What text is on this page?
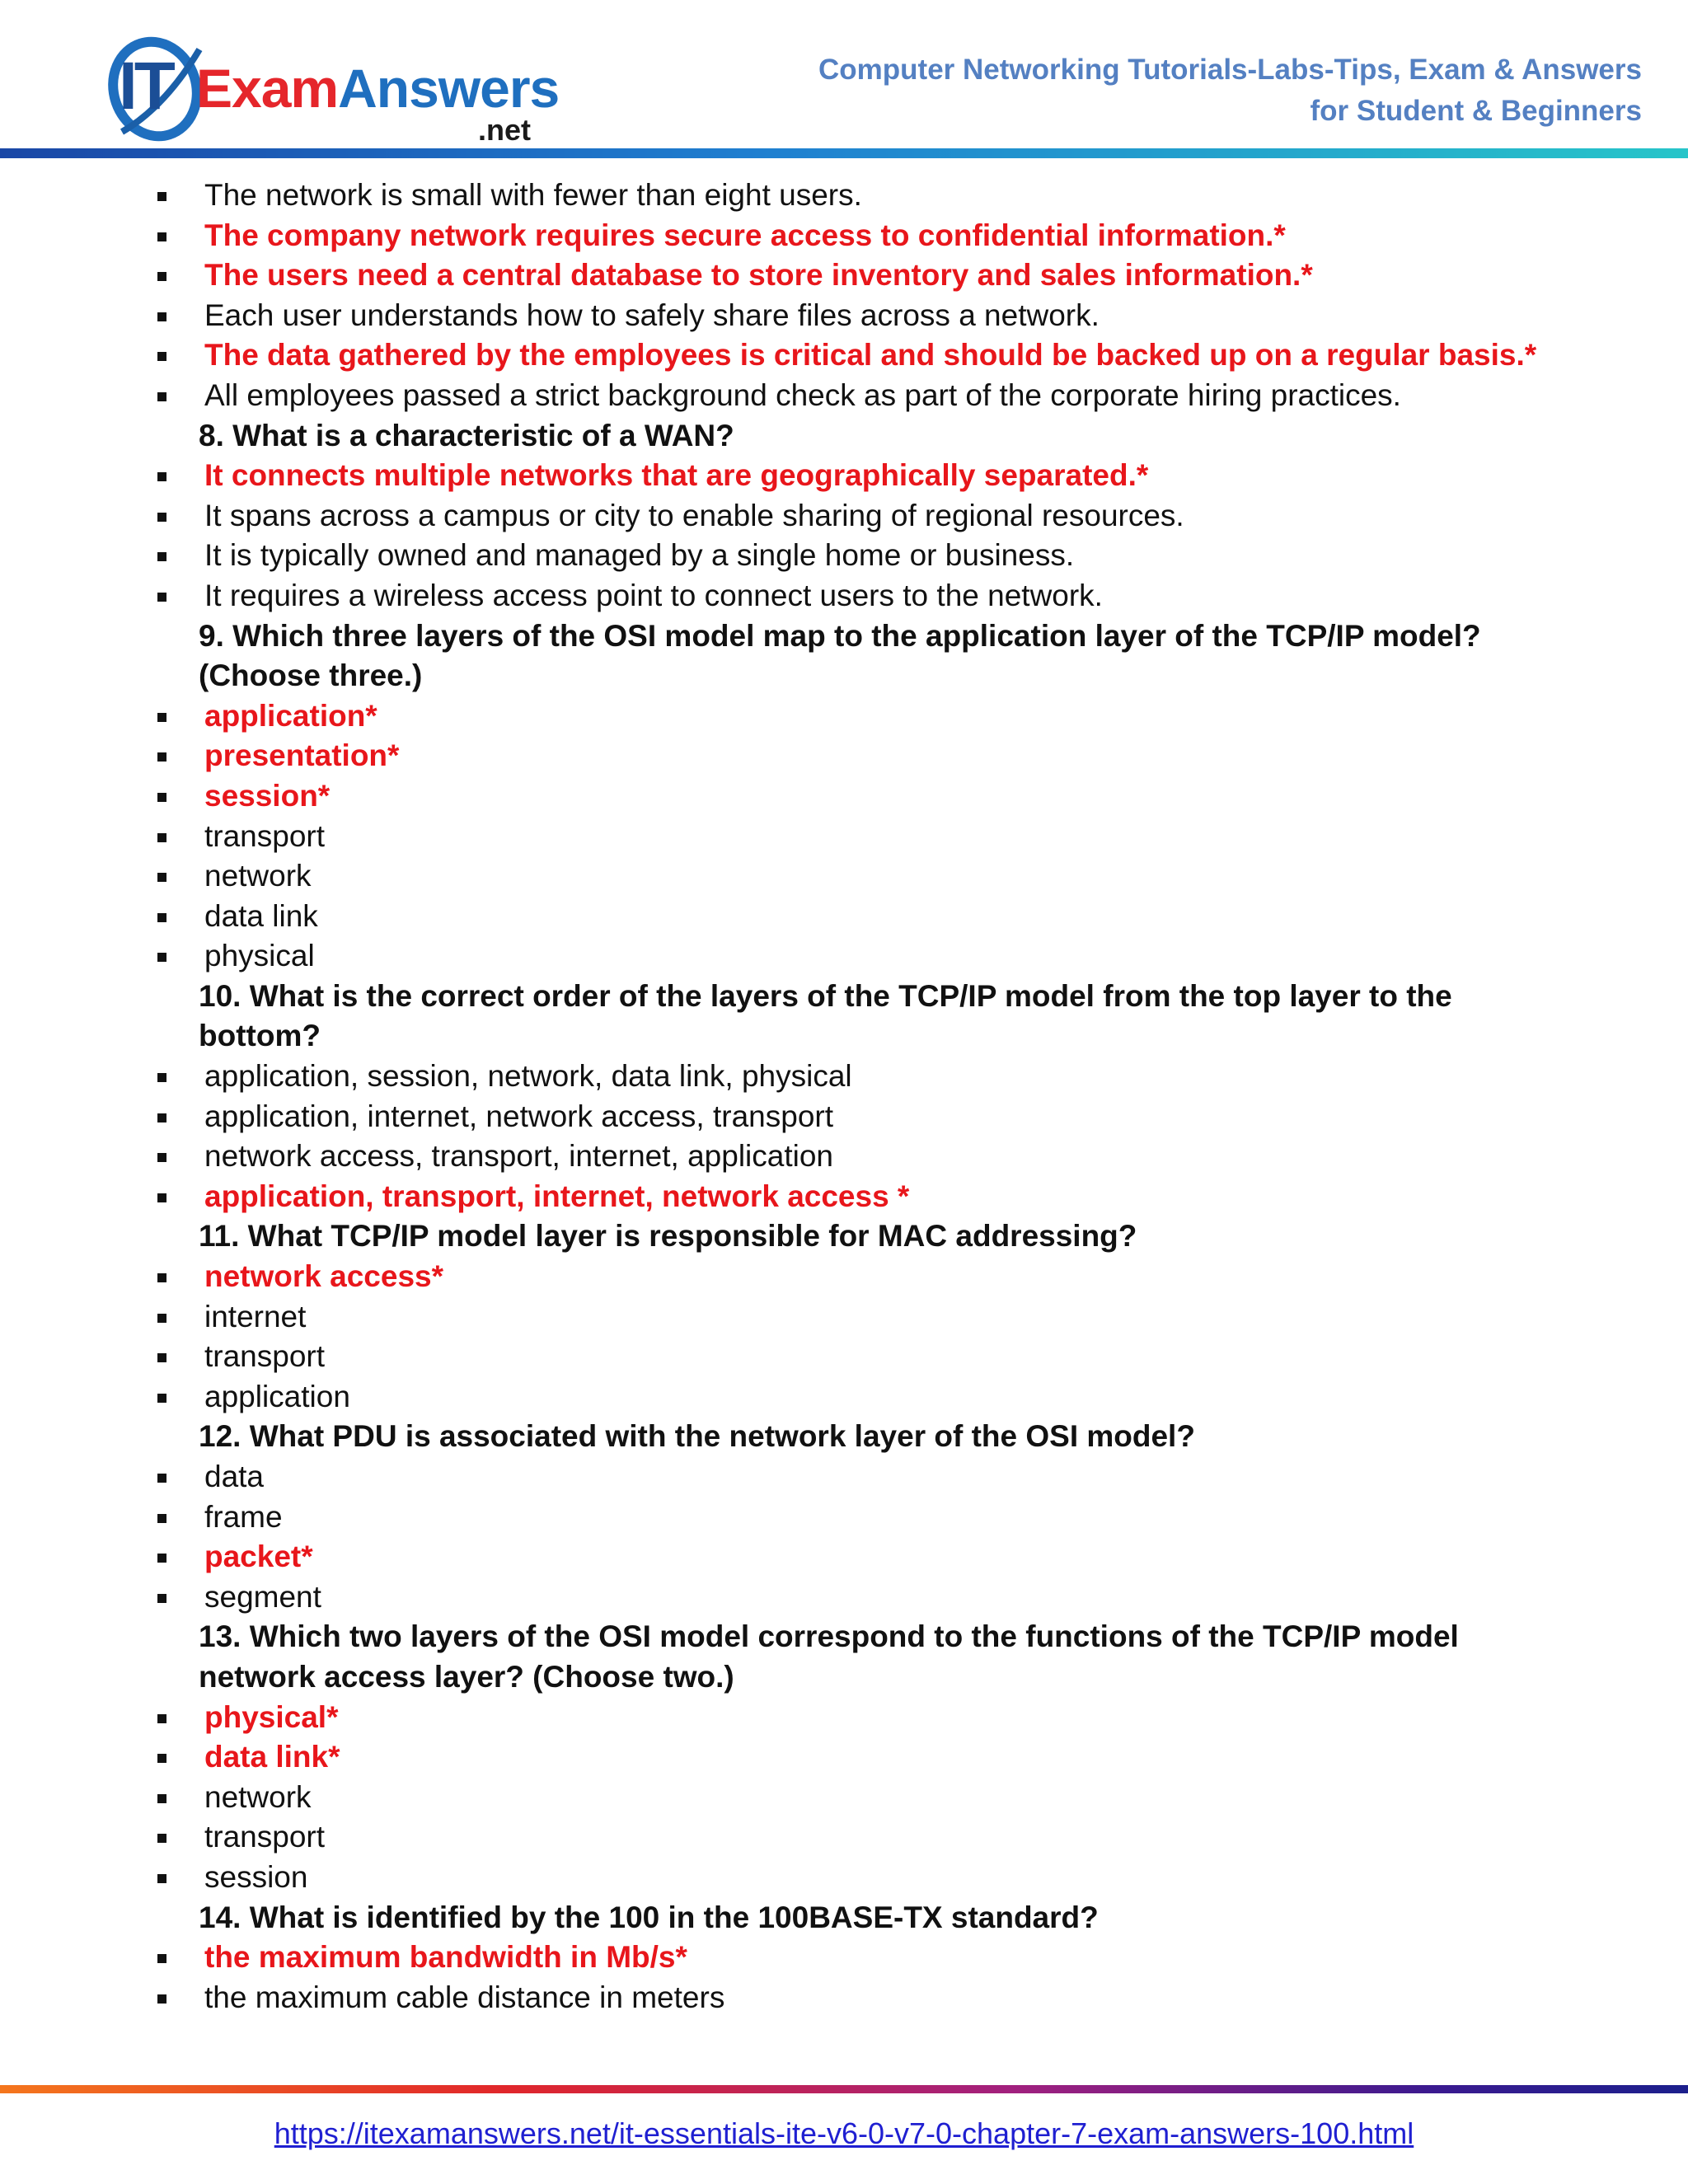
IT ExamAnswers
.net
Computer Networking Tutorials-Labs-Tips, Exam & Answers
for Student & Beginners
The network is small with fewer than eight users.
The company network requires secure access to confidential information.*
The users need a central database to store inventory and sales information.*
Each user understands how to safely share files across a network.
The data gathered by the employees is critical and should be backed up on a regular basis.*
All employees passed a strict background check as part of the corporate hiring practices.
8. What is a characteristic of a WAN?
It connects multiple networks that are geographically separated.*
It spans across a campus or city to enable sharing of regional resources.
It is typically owned and managed by a single home or business.
It requires a wireless access point to connect users to the network.
9. Which three layers of the OSI model map to the application layer of the TCP/IP model?
(Choose three.)
application*
presentation*
session*
transport
network
data link
physical
10. What is the correct order of the layers of the TCP/IP model from the top layer to the
bottom?
application, session, network, data link, physical
application, internet, network access, transport
network access, transport, internet, application
application, transport, internet, network access *
11. What TCP/IP model layer is responsible for MAC addressing?
network access*
internet
transport
application
12. What PDU is associated with the network layer of the OSI model?
data
frame
packet*
segment
13. Which two layers of the OSI model correspond to the functions of the TCP/IP model
network access layer? (Choose two.)
physical*
data link*
network
transport
session
14. What is identified by the 100 in the 100BASE-TX standard?
the maximum bandwidth in Mb/s*
the maximum cable distance in meters
https://itexamanswers.net/it-essentials-ite-v6-0-v7-0-chapter-7-exam-answers-100.html
